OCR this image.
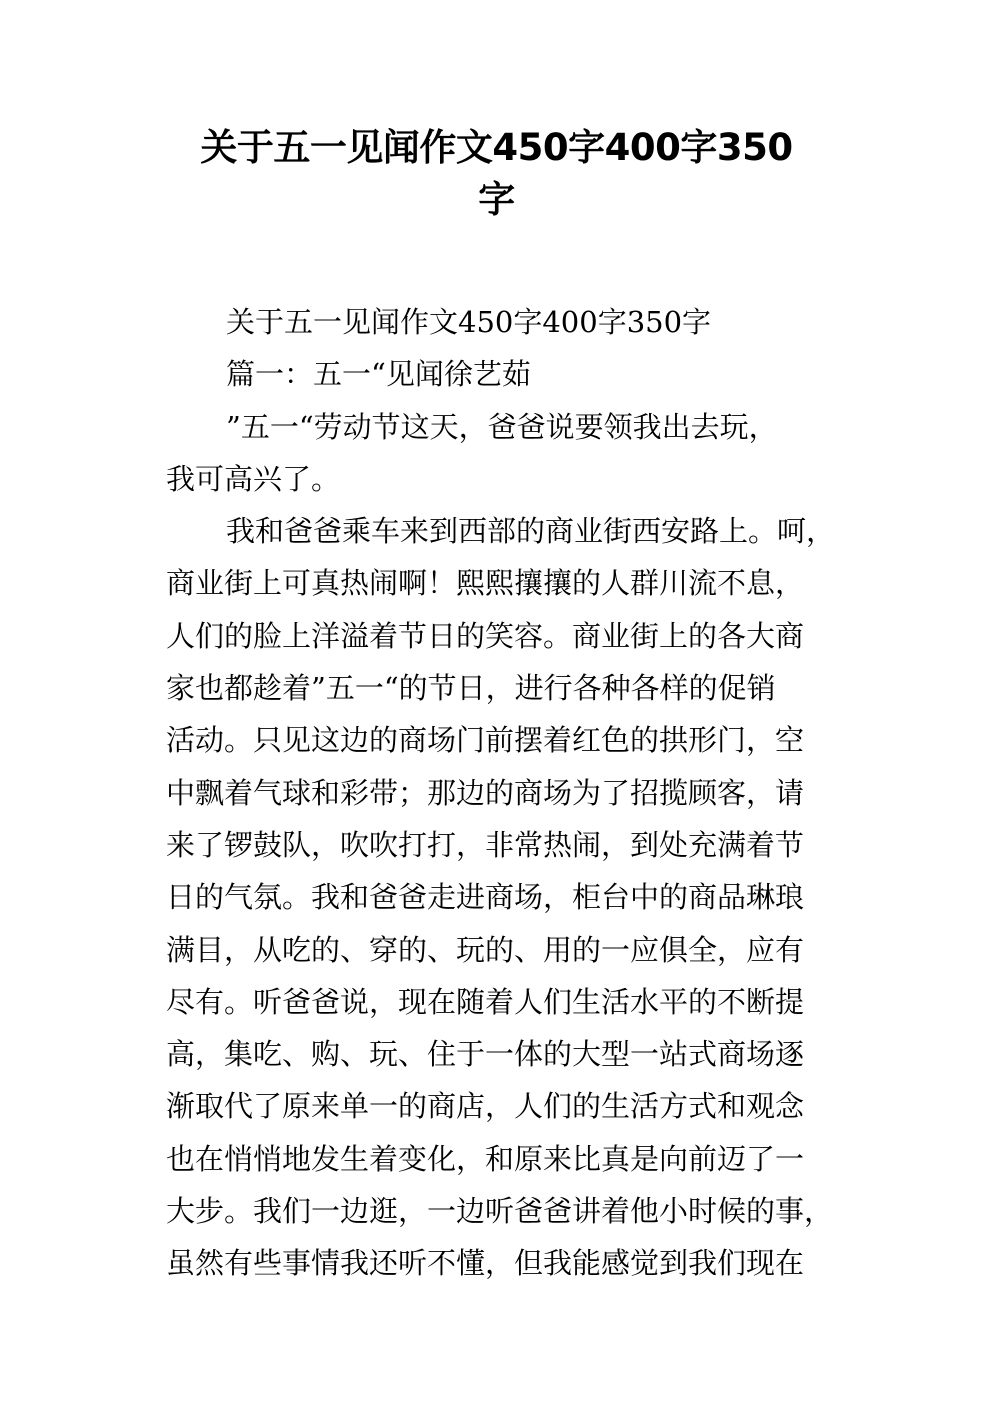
关于五一见闻作文450字400字350
字
关于五一见闻作文450字400字350字
篇一：五一“见闻徐艺茹
”五一“劳动节这天，爸爸说要领我出去玩，
我可高兴了。
我和爸爸乘车来到西部的商业街西安路上。呵，
商业街上可真热闹啊！熙熙攘攘的人群川流不息，
人们的脸上洋溢着节日的笑容。商业街上的各大商
家也都趁着”五一“的节日，进行各种各样的促销
活动。只见这边的商场门前摆着红色的拱形门，空
中飘着气球和彩带；那边的商场为了招揽顾客，请
来了锣鼓队，吹吹打打，非常热闹，到处充满着节
日的气氛。我和爸爸走进商场，柜台中的商品琳琅
满目，从吃的、穿的、玩的、用的一应俱全，应有
尽有。听爸爸说，现在随着人们生活水平的不断提
高，集吃、购、玩、住于一体的大型一站式商场逐
渐取代了原来单一的商店，人们的生活方式和观念
也在悄悄地发生着变化，和原来比真是向前迈了一
大步。我们一边逛，一边听爸爸讲着他小时候的事，
虽然有些事情我还听不懂，但我能感觉到我们现在
